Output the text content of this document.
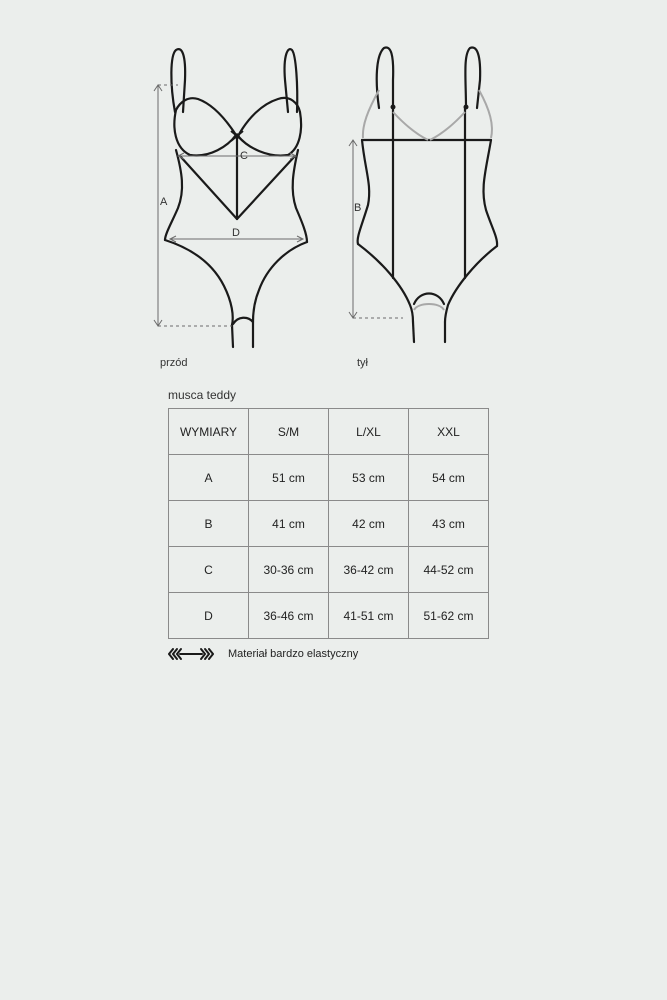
A
C
D
B
przód	tył
musca teddy
WYMIARY	S/M	L/XL	XXL
A	51 cm	53 cm	54 cm
B	41 cm	42 cm	43 cm
C	30-36 cm	36-42 cm	44-52 cm
D	36-46 cm	41-51 cm	51-62 cm
Materiał bardzo elastyczny
